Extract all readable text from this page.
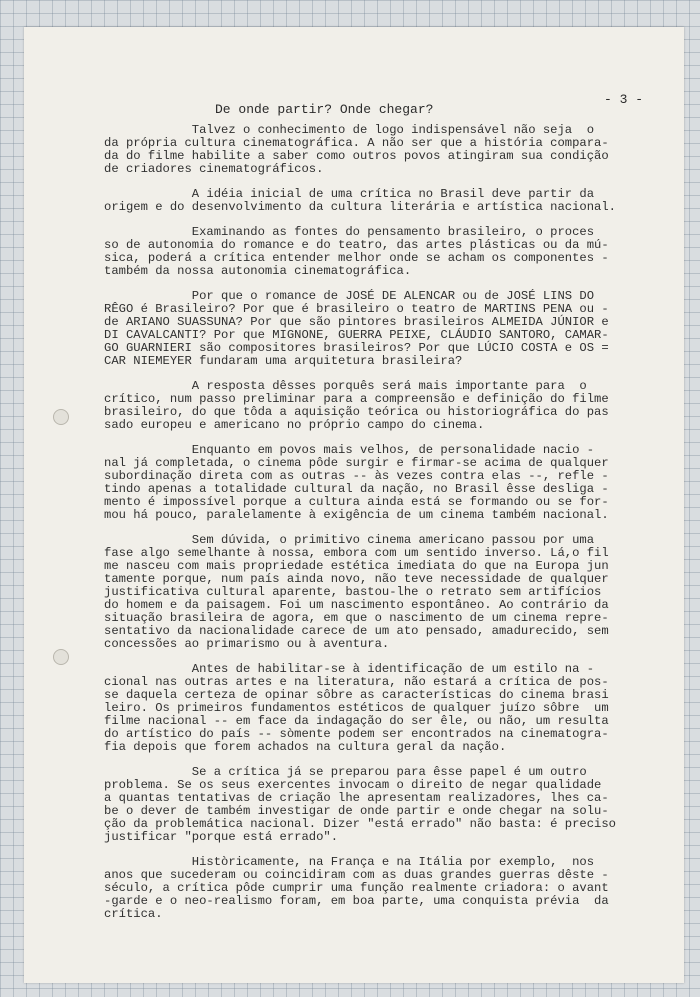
De onde partir? Onde chegar?
- 3 -
Talvez o conhecimento de logo indispensável não seja  o
da própria cultura cinematográfica. A não ser que a história compara-
da do filme habilite a saber como outros povos atingiram sua condição
de criadores cinematográficos.
A idéia inicial de uma crítica no Brasil deve partir da
origem e do desenvolvimento da cultura literária e artística nacional.
Examinando as fontes do pensamento brasileiro, o proces
so de autonomia do romance e do teatro, das artes plásticas ou da mú-
sica, poderá a crítica entender melhor onde se acham os componentes -
também da nossa autonomia cinematográfica.
Por que o romance de JOSÉ DE ALENCAR ou de JOSÉ LINS DO
RÊGO é Brasileiro? Por que é brasileiro o teatro de MARTINS PENA ou -
de ARIANO SUASSUNA? Por que são pintores brasileiros ALMEIDA JÚNIOR e
DI CAVALCANTI? Por que MIGNONE, GUERRA PEIXE, CLÁUDIO SANTORO, CAMAR-
GO GUARNIERI são compositores brasileiros? Por que LÚCIO COSTA e OS =
CAR NIEMEYER fundaram uma arquitetura brasileira?
A resposta dêsses porquês será mais importante para  o
crítico, num passo preliminar para a compreensão e definição do filme
brasileiro, do que tôda a aquisição teórica ou historiográfica do pas
sado europeu e americano no próprio campo do cinema.
Enquanto em povos mais velhos, de personalidade nacio -
nal já completada, o cinema pôde surgir e firmar-se acima de qualquer
subordinação direta com as outras -- às vezes contra elas --, refle -
tindo apenas a totalidade cultural da nação, no Brasil êsse desliga -
mento é impossível porque a cultura ainda está se formando ou se for-
mou há pouco, paralelamente à exigência de um cinema também nacional.
Sem dúvida, o primitivo cinema americano passou por uma
fase algo semelhante à nossa, embora com um sentido inverso. Lá,o fil
me nasceu com mais propriedade estética imediata do que na Europa jun
tamente porque, num país ainda novo, não teve necessidade de qualquer
justificativa cultural aparente, bastou-lhe o retrato sem artifícios
do homem e da paisagem. Foi um nascimento espontâneo. Ao contrário da
situação brasileira de agora, em que o nascimento de um cinema repre-
sentativo da nacionalidade carece de um ato pensado, amadurecido, sem
concessões ao primarismo ou à aventura.
Antes de habilitar-se à identificação de um estilo na -
cional nas outras artes e na literatura, não estará a crítica de pos-
se daquela certeza de opinar sôbre as características do cinema brasi
leiro. Os primeiros fundamentos estéticos de qualquer juízo sôbre  um
filme nacional -- em face da indagação do ser êle, ou não, um resulta
do artístico do país -- sòmente podem ser encontrados na cinematogra-
fia depois que forem achados na cultura geral da nação.
Se a crítica já se preparou para êsse papel é um outro
problema. Se os seus exercentes invocam o direito de negar qualidade
a quantas tentativas de criação lhe apresentam realizadores, lhes ca-
be o dever de também investigar de onde partir e onde chegar na solu-
ção da problemática nacional. Dizer "está errado" não basta: é preciso
justificar "porque está errado".
Històricamente, na França e na Itália por exemplo,  nos
anos que sucederam ou coincidiram com as duas grandes guerras dêste -
século, a crítica pôde cumprir uma função realmente criadora: o avant
-garde e o neo-realismo foram, em boa parte, uma conquista prévia  da
crítica.
